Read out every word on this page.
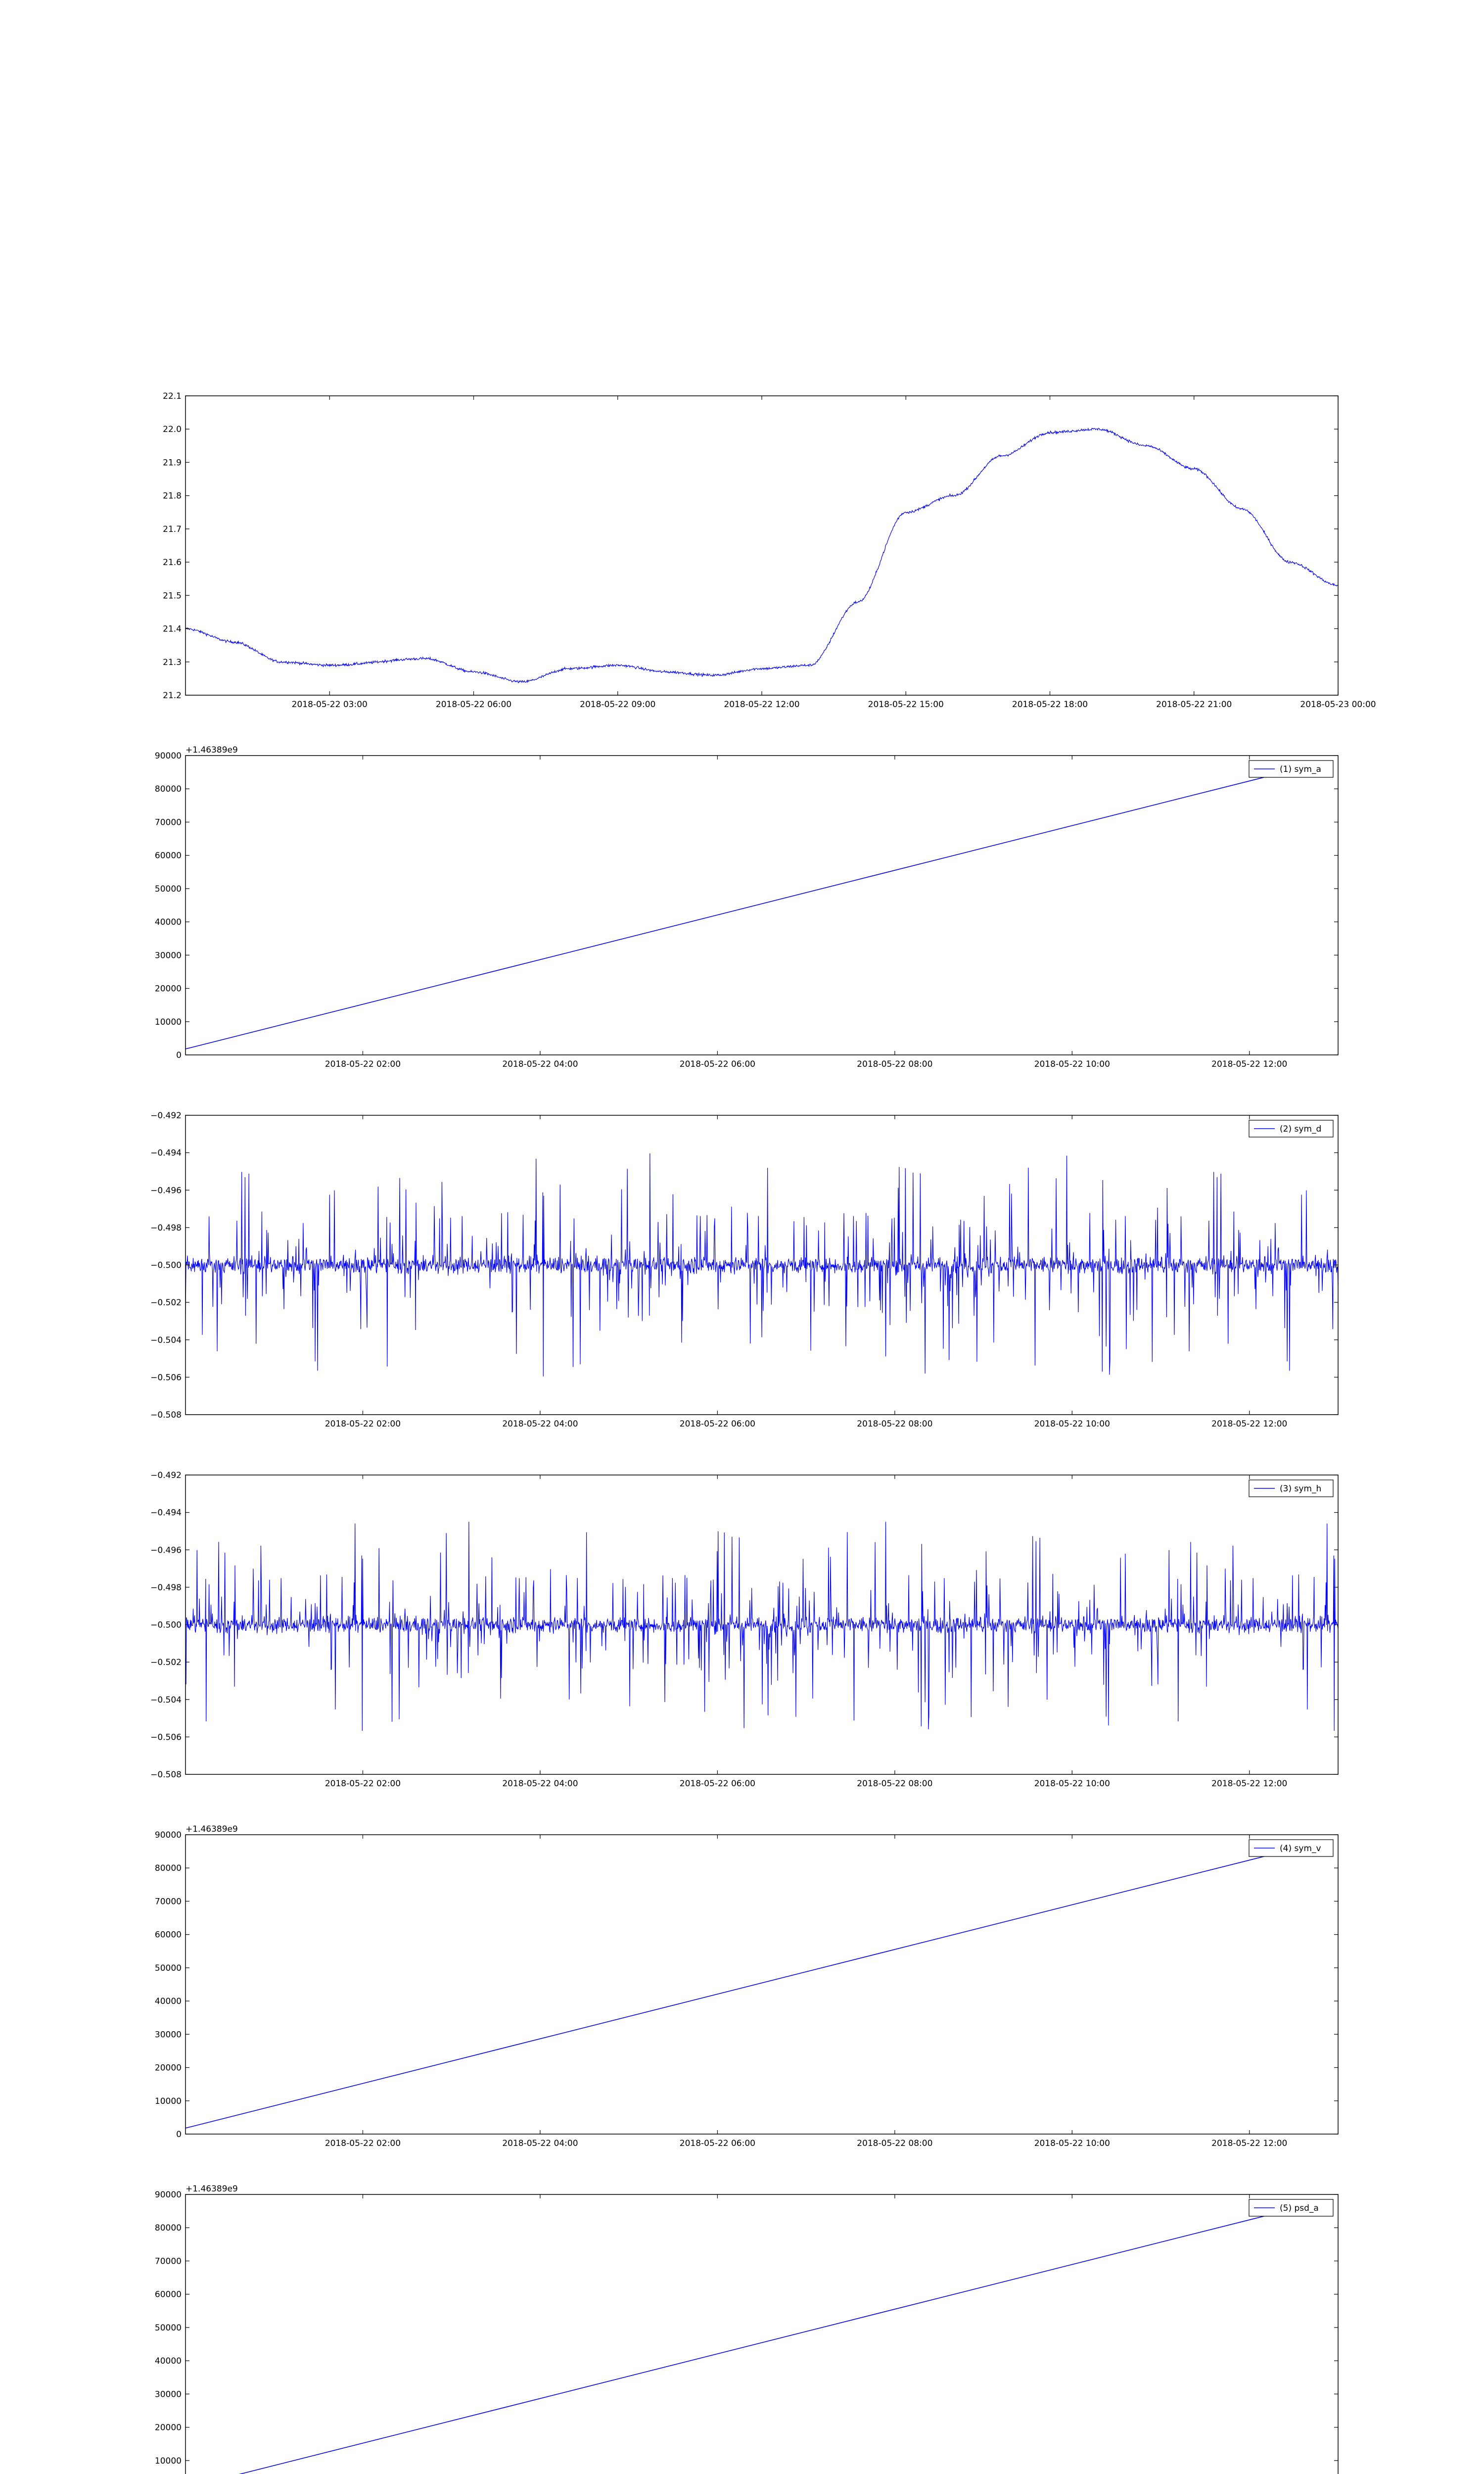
21.2
21.3
21.4
21.5
21.6
21.7
21.8
21.9
22.0
22.1
2018-05-22 03:00	2018-05-22 06:00	2018-05-22 09:00	2018-05-22 12:00	2018-05-22 15:00	2018-05-22 18:00	2018-05-22 21:00	2018-05-23 00:00
0
10000
20000
30000
40000
50000
60000
70000
80000
90000
2018-05-22 02:00	2018-05-22 04:00	2018-05-22 06:00	2018-05-22 08:00	2018-05-22 10:00	2018-05-22 12:00
+1.46389e9
(1) sym_a
−0.508
−0.506
−0.504
−0.502
−0.500
−0.498
−0.496
−0.494
−0.492
2018-05-22 02:00	2018-05-22 04:00	2018-05-22 06:00	2018-05-22 08:00	2018-05-22 10:00	2018-05-22 12:00
(2) sym_d
−0.508
−0.506
−0.504
−0.502
−0.500
−0.498
−0.496
−0.494
−0.492
2018-05-22 02:00	2018-05-22 04:00	2018-05-22 06:00	2018-05-22 08:00	2018-05-22 10:00	2018-05-22 12:00
(3) sym_h
0
10000
20000
30000
40000
50000
60000
70000
80000
90000
2018-05-22 02:00	2018-05-22 04:00	2018-05-22 06:00	2018-05-22 08:00	2018-05-22 10:00	2018-05-22 12:00
+1.46389e9
(4) sym_v
10000
20000
30000
40000
50000
60000
70000
80000
90000
+1.46389e9
(5) psd_a
